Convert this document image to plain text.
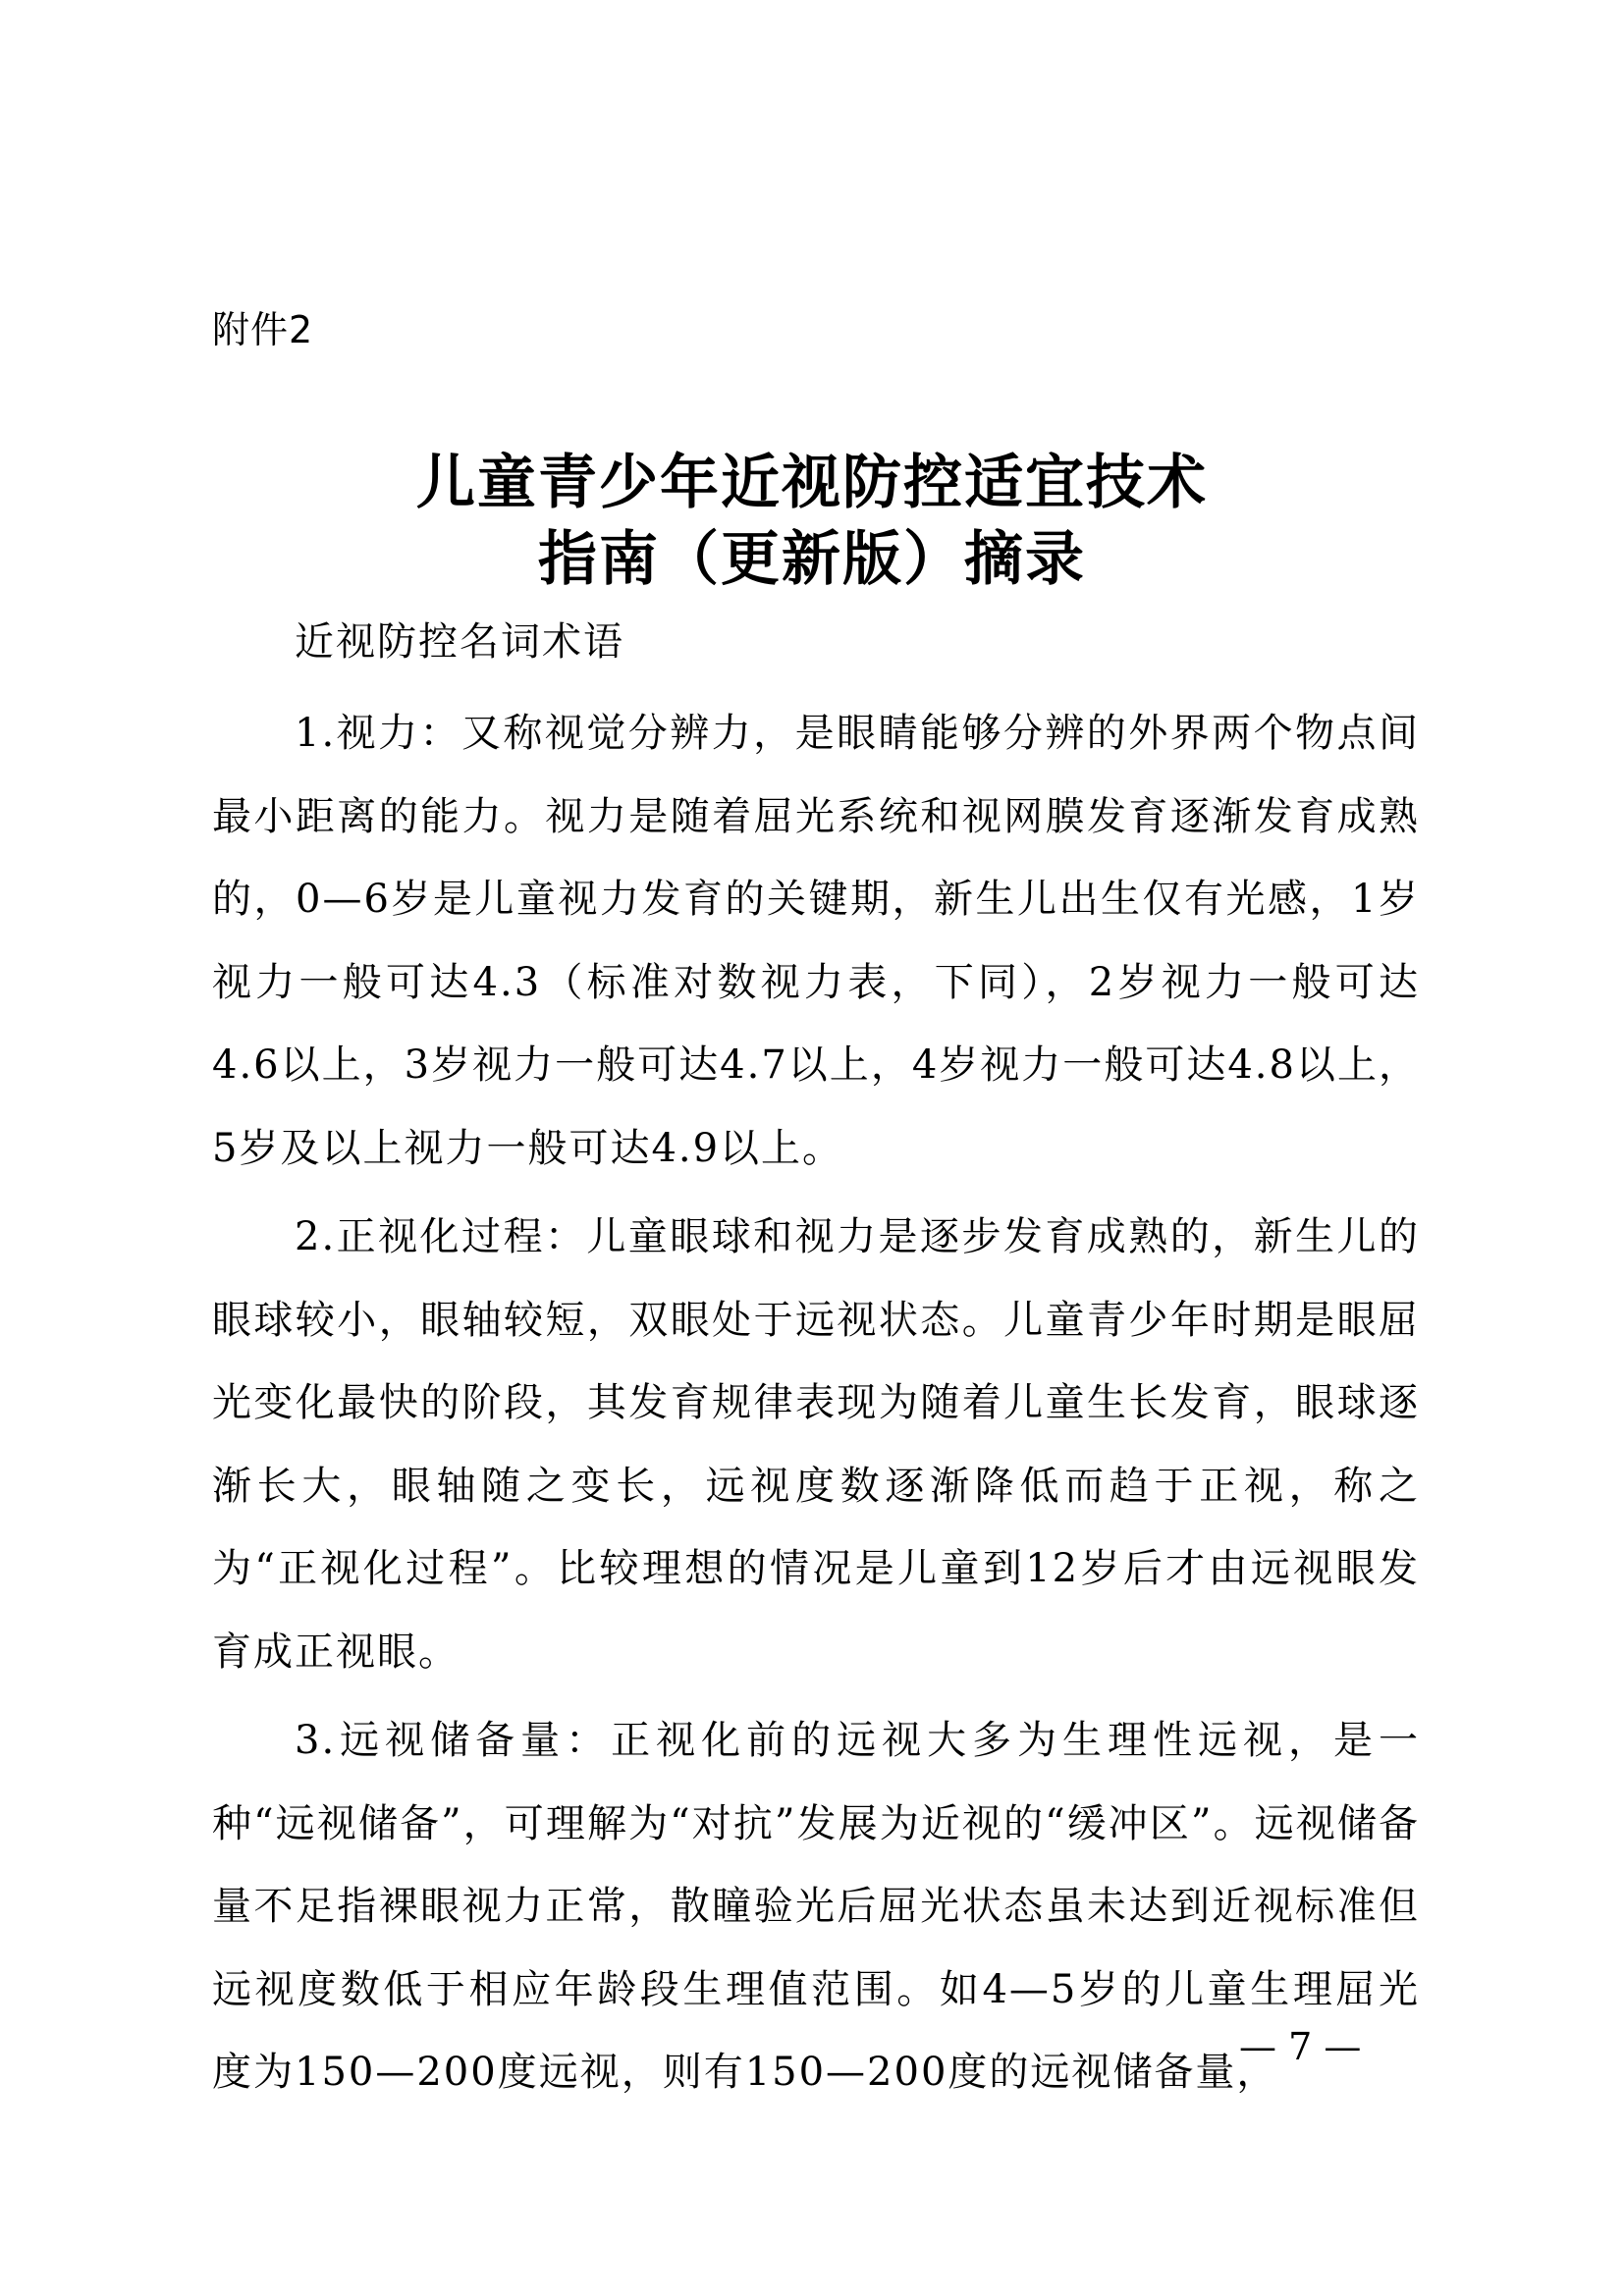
附件2
儿童青少年近视防控适宜技术
指南（更新版）摘录
近视防控名词术语

1.视力：又称视觉分辨力，是眼睛能够分辨的外界两个物点间最小距离的能力。视力是随着屈光系统和视网膜发育逐渐发育成熟的，0—6岁是儿童视力发育的关键期，新生儿出生仅有光感，1岁视力一般可达4.3（标准对数视力表，下同），2岁视力一般可达4.6以上，3岁视力一般可达4.7以上，4岁视力一般可达4.8以上，5岁及以上视力一般可达4.9以上。

2.正视化过程：儿童眼球和视力是逐步发育成熟的，新生儿的眼球较小，眼轴较短，双眼处于远视状态。儿童青少年时期是眼屈光变化最快的阶段，其发育规律表现为随着儿童生长发育，眼球逐渐长大，眼轴随之变长，远视度数逐渐降低而趋于正视，称之为“正视化过程”。比较理想的情况是儿童到12岁后才由远视眼发育成正视眼。

3.远视储备量：正视化前的远视大多为生理性远视，是一种“远视储备”，可理解为“对抗”发展为近视的“缓冲区”。远视储备量不足指裸眼视力正常，散瞳验光后屈光状态虽未达到近视标准但远视度数低于相应年龄段生理值范围。如4—5岁的儿童生理屈光度为150—200度远视，则有150—200度的远视储备量，

— 7 —
